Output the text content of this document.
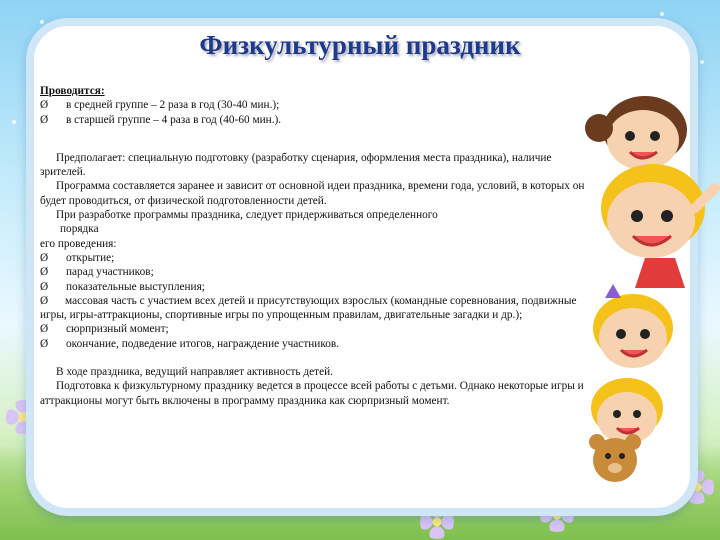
Физкультурный праздник

Проводится:

Ø в средней группе – 2 раза в год (30-40 мин.);

Ø в старшей группе – 4 раза в год (40-60 мин.).

Предполагает: специальную подготовку (разработку сценария, оформления места праздника), наличие зрителей.

Программа составляется заранее и зависит от основной идеи праздника, времени года, условий, в которых он будет проводиться, от физической подготовленности детей.

При разработке программы праздника, следует придерживаться определенного

порядка

его проведения:

Ø открытие;

Ø парад участников;

Ø показательные выступления;

Ø массовая часть с участием всех детей и присутствующих взрослых (командные соревнования, подвижные игры, игры-аттракционы, спортивные игры по упрощенным правилам, двигательные загадки и др.);

Ø сюрпризный момент;

Ø окончание, подведение итогов, награждение участников.

В ходе праздника, ведущий направляет активность детей.

Подготовка к физкультурному празднику ведется в процессе всей работы с детьми. Однако некоторые игры и аттракционы могут быть включены в программу праздника как сюрпризный момент.
